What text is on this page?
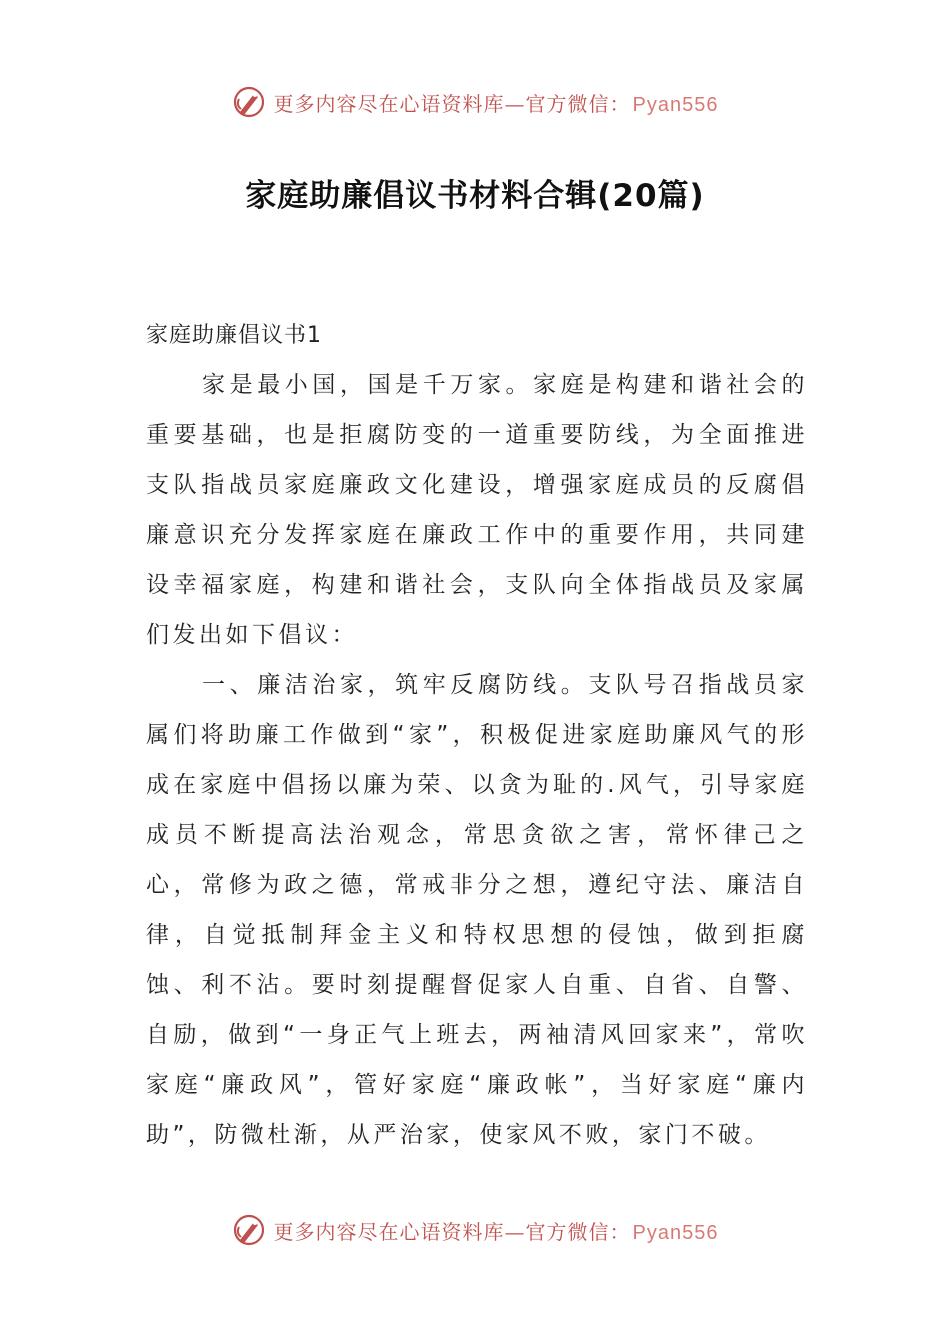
更多内容尽在心语资料库—官方微信： Pyan556
家庭助廉倡议书材料合辑(20篇)
家庭助廉倡议书1

家是最小国，国是千万家。家庭是构建和谐社会的重要基础，也是拒腐防变的一道重要防线，为全面推进支队指战员家庭廉政文化建设，增强家庭成员的反腐倡廉意识充分发挥家庭在廉政工作中的重要作用，共同建设幸福家庭，构建和谐社会，支队向全体指战员及家属们发出如下倡议：

一、廉洁治家，筑牢反腐防线。支队号召指战员家属们将助廉工作做到“家”，积极促进家庭助廉风气的形成在家庭中倡扬以廉为荣、以贪为耻的.风气，引导家庭成员不断提高法治观念，常思贪欲之害，常怀律己之心，常修为政之德，常戒非分之想，遵纪守法、廉洁自律，自觉抵制拜金主义和特权思想的侵蚀，做到拒腐蚀、利不沾。要时刻提醒督促家人自重、自省、自警、自励，做到“一身正气上班去，两袖清风回家来”，常吹家庭“廉政风”，管好家庭“廉政帐”，当好家庭“廉内助”，防微杜渐，从严治家，使家风不败，家门不破。

更多内容尽在心语资料库—官方微信： Pyan556
